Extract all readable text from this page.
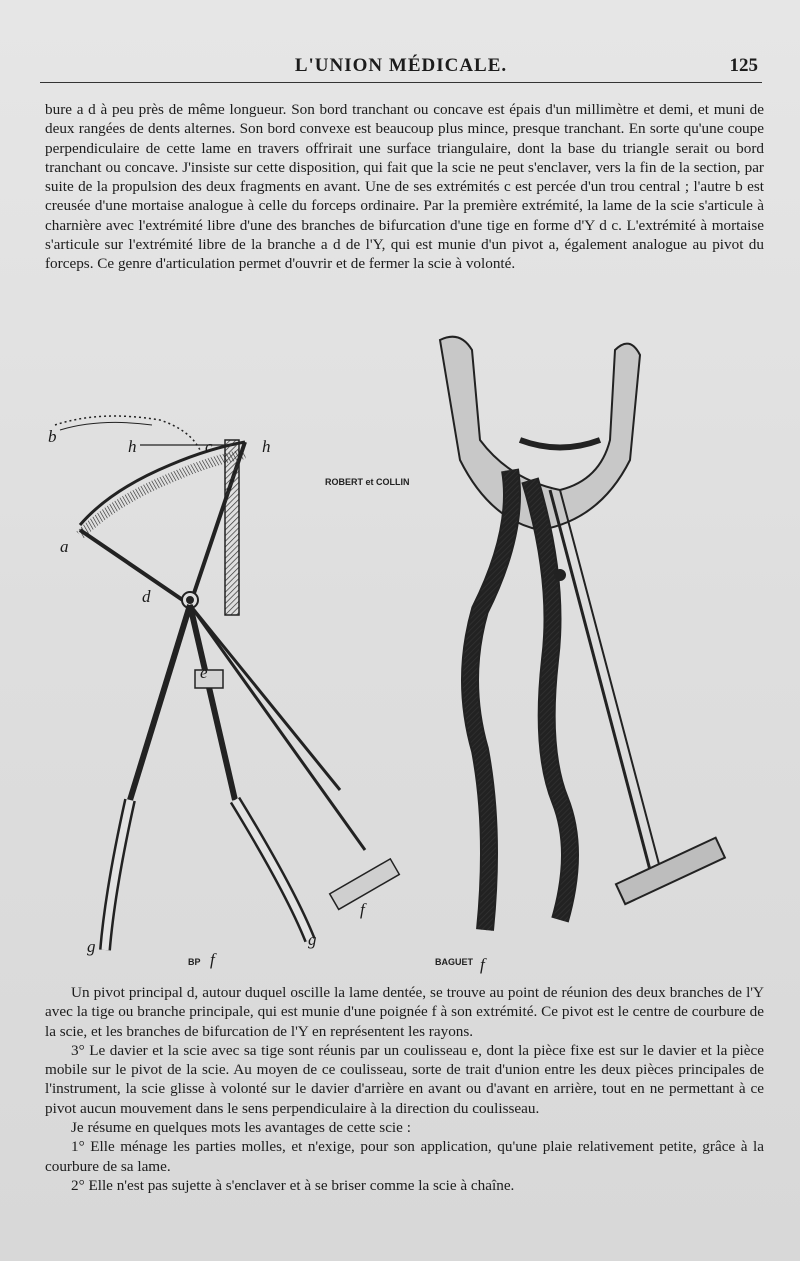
L'UNION MÉDICALE.	125

bure a d à peu près de même longueur. Son bord tranchant ou concave est épais d'un millimètre et demi, et muni de deux rangées de dents alternes. Son bord convexe est beaucoup plus mince, presque tranchant. En sorte qu'une coupe perpendiculaire de cette lame en travers offrirait une surface triangulaire, dont la base du triangle serait ou bord tranchant ou concave. J'insiste sur cette disposition, qui fait que la scie ne peut s'enclaver, vers la fin de la section, par suite de la propulsion des deux fragments en avant. Une de ses extrémités c est percée d'un trou central ; l'autre b est creusée d'une mortaise analogue à celle du forceps ordinaire. Par la première extrémité, la lame de la scie s'articule à charnière avec l'extrémité libre d'une des branches de bifurcation d'une tige en forme d'Y d c. L'extrémité à mortaise s'articule sur l'extrémité libre de la branche a d de l'Y, qui est munie d'un pivot a, également analogue au pivot du forceps. Ce genre d'articulation permet d'ouvrir et de fermer la scie à volonté.

ROBERT et COLLIN
b
h	c	h
a
d
e
f
g	g
BP f	BAGUET f

Un pivot principal d, autour duquel oscille la lame dentée, se trouve au point de réunion des deux branches de l'Y avec la tige ou branche principale, qui est munie d'une poignée f à son extrémité. Ce pivot est le centre de courbure de la scie, et les branches de bifurcation de l'Y en représentent les rayons.

3° Le davier et la scie avec sa tige sont réunis par un coulisseau e, dont la pièce fixe est sur le davier et la pièce mobile sur le pivot de la scie. Au moyen de ce coulisseau, sorte de trait d'union entre les deux pièces principales de l'instrument, la scie glisse à volonté sur le davier d'arrière en avant ou d'avant en arrière, tout en ne permettant à ce pivot aucun mouvement dans le sens perpendiculaire à la direction du coulisseau.

Je résume en quelques mots les avantages de cette scie :

1° Elle ménage les parties molles, et n'exige, pour son application, qu'une plaie relativement petite, grâce à la courbure de sa lame.

2° Elle n'est pas sujette à s'enclaver et à se briser comme la scie à chaîne.
